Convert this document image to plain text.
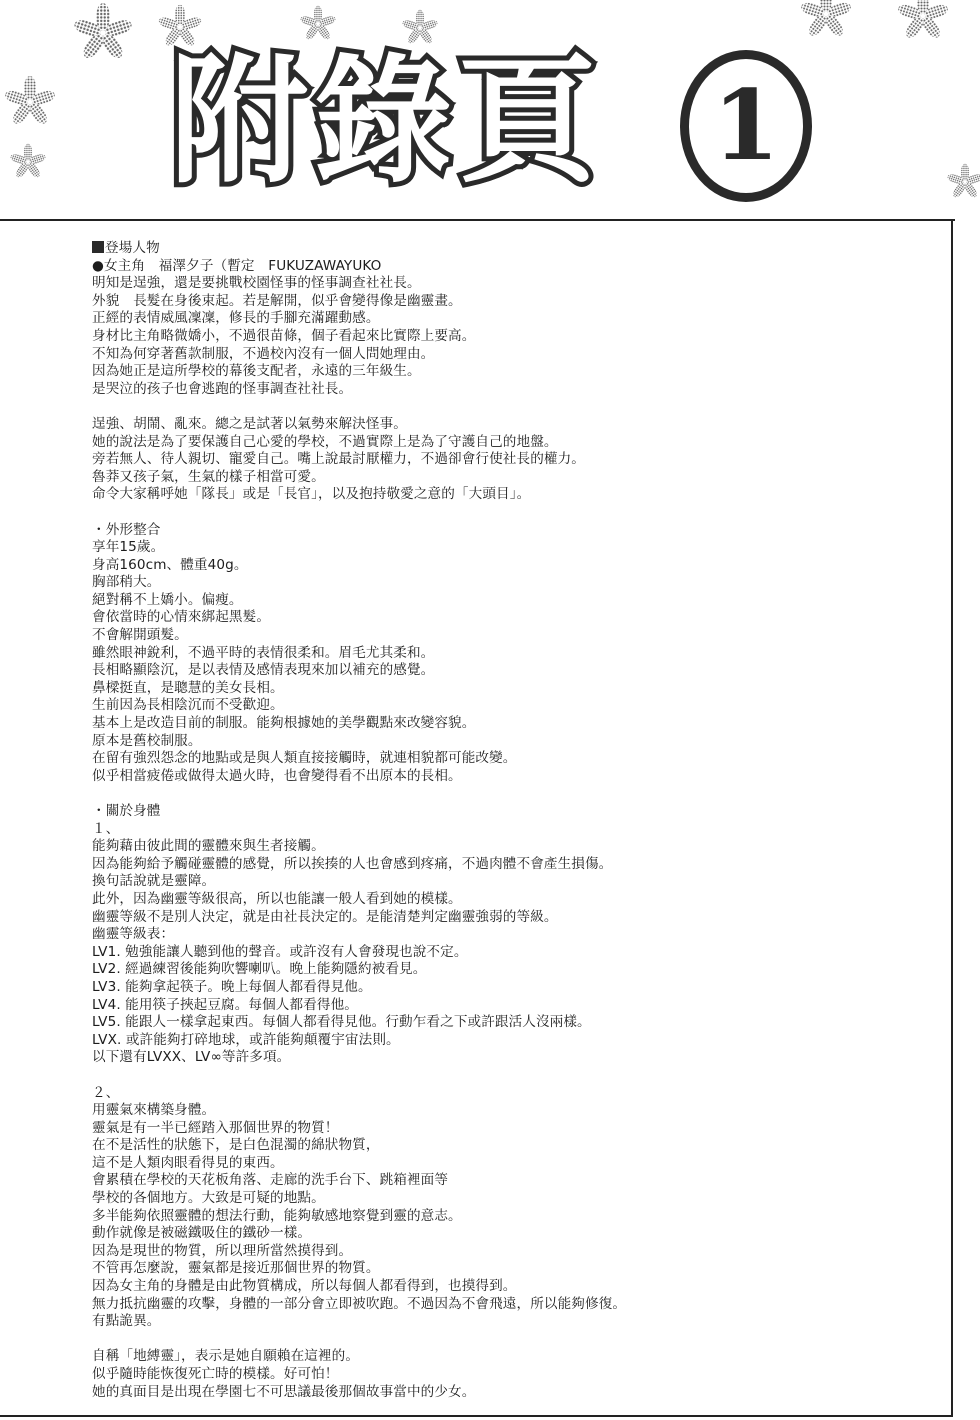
附 錄 頁 1
登場人物
●女主角　福澤夕子（暫定　FUKUZAWAYUKO
明知是逞強，還是要挑戰校園怪事的怪事調查社社長。
外貌　長髮在身後束起。若是解開，似乎會變得像是幽靈畫。
正經的表情威風凜凜，修長的手腳充滿躍動感。
身材比主角略微嬌小，不過很苗條，個子看起來比實際上要高。
不知為何穿著舊款制服，不過校內沒有一個人問她理由。
因為她正是這所學校的幕後支配者，永遠的三年級生。
是哭泣的孩子也會逃跑的怪事調查社社長。
逞強、胡鬧、亂來。總之是試著以氣勢來解決怪事。
她的說法是為了要保護自己心愛的學校，不過實際上是為了守護自己的地盤。
旁若無人、待人親切、寵愛自己。嘴上說最討厭權力，不過卻會行使社長的權力。
魯莽又孩子氣，生氣的樣子相當可愛。
命令大家稱呼她「隊長」或是「長官」，以及抱持敬愛之意的「大頭目」。
・外形整合
享年15歲。
身高160cm、體重40g。
胸部稍大。
絕對稱不上嬌小。偏瘦。
會依當時的心情來綁起黑髮。
不會解開頭髮。
雖然眼神銳利，不過平時的表情很柔和。眉毛尤其柔和。
長相略顯陰沉，是以表情及感情表現來加以補充的感覺。
鼻樑挺直，是聰慧的美女長相。
生前因為長相陰沉而不受歡迎。
基本上是改造目前的制服。能夠根據她的美學觀點來改變容貌。
原本是舊校制服。
在留有強烈怨念的地點或是與人類直接接觸時，就連相貌都可能改變。
似乎相當疲倦或做得太過火時，也會變得看不出原本的長相。
・關於身體
１、
能夠藉由彼此間的靈體來與生者接觸。
因為能夠給予觸碰靈體的感覺，所以挨揍的人也會感到疼痛，不過肉體不會產生損傷。
換句話說就是靈障。
此外，因為幽靈等級很高，所以也能讓一般人看到她的模樣。
幽靈等級不是別人決定，就是由社長決定的。是能清楚判定幽靈強弱的等級。
幽靈等級表：
LV1. 勉強能讓人聽到他的聲音。或許沒有人會發現也說不定。
LV2. 經過練習後能夠吹響喇叭。晚上能夠隱約被看見。
LV3. 能夠拿起筷子。晚上每個人都看得見他。
LV4. 能用筷子挾起豆腐。每個人都看得他。
LV5. 能跟人一樣拿起東西。每個人都看得見他。行動乍看之下或許跟活人沒兩樣。
LVX. 或許能夠打碎地球，或許能夠顛覆宇宙法則。
以下還有LVXX、LV∞等許多項。
２、
用靈氣來構築身體。
靈氣是有一半已經踏入那個世界的物質！
在不是活性的狀態下，是白色混濁的綿狀物質，
這不是人類肉眼看得見的東西。
會累積在學校的天花板角落、走廊的洗手台下、跳箱裡面等
學校的各個地方。大致是可疑的地點。
多半能夠依照靈體的想法行動，能夠敏感地察覺到靈的意志。
動作就像是被磁鐵吸住的鐵砂一樣。
因為是現世的物質，所以理所當然摸得到。
不管再怎麼說，靈氣都是接近那個世界的物質。
因為女主角的身體是由此物質構成，所以每個人都看得到，也摸得到。
無力抵抗幽靈的攻擊，身體的一部分會立即被吹跑。不過因為不會飛遠，所以能夠修復。
有點詭異。
自稱「地縛靈」，表示是她自願賴在這裡的。
似乎隨時能恢復死亡時的模樣。好可怕！
她的真面目是出現在學園七不可思議最後那個故事當中的少女。
